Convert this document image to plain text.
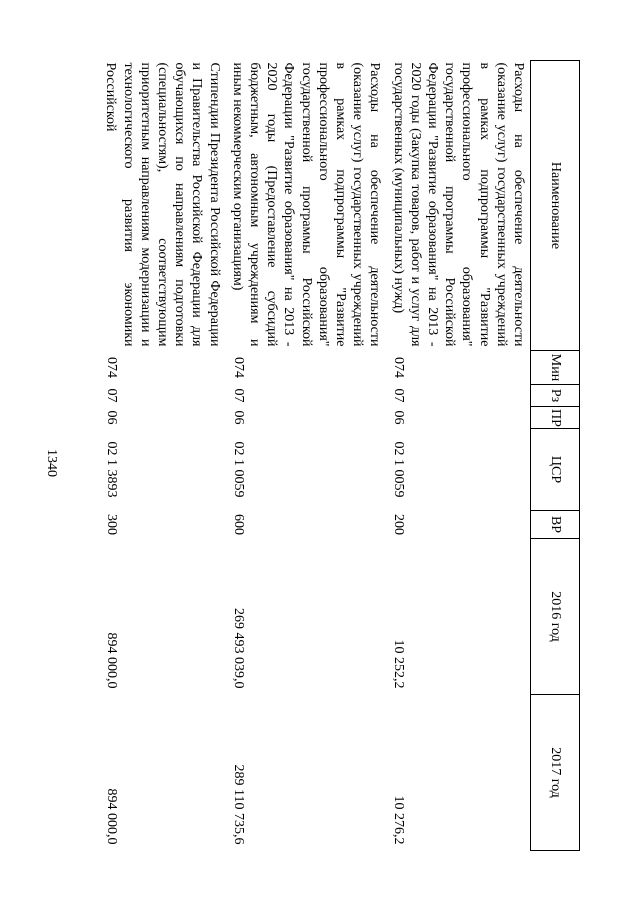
1340
Наименование	Мин	Рз	ПР	ЦСР	ВР	2016 год	2017 год
Расходы на обеспечение деятельности (оказание услуг) государственных учреждений в рамках подпрограммы "Развитие профессионального образования" государственной программы Российской Федерации "Развитие образования" на 2013 - 2020 годы (Закупка товаров, работ и услуг для государственных (муниципальных) нужд)	074	07	06	02 1 0059	200	10 252,2	10 276,2
Расходы на обеспечение деятельности (оказание услуг) государственных учреждений в рамках подпрограммы "Развитие профессионального образования" государственной программы Российской Федерации "Развитие образования" на 2013 - 2020 годы (Предоставление субсидий бюджетным, автономным учреждениям и иным некоммерческим организациям)	074	07	06	02 1 0059	600	269 493 039,0	289 110 735,6
Стипендии Президента Российской Федерации и Правительства Российской Федерации для обучающихся по направлениям подготовки (специальностям), соответствующим приоритетным направлениям модернизации и технологического развития экономики Российской	074	07	06	02 1 3893	300	894 000,0	894 000,0
